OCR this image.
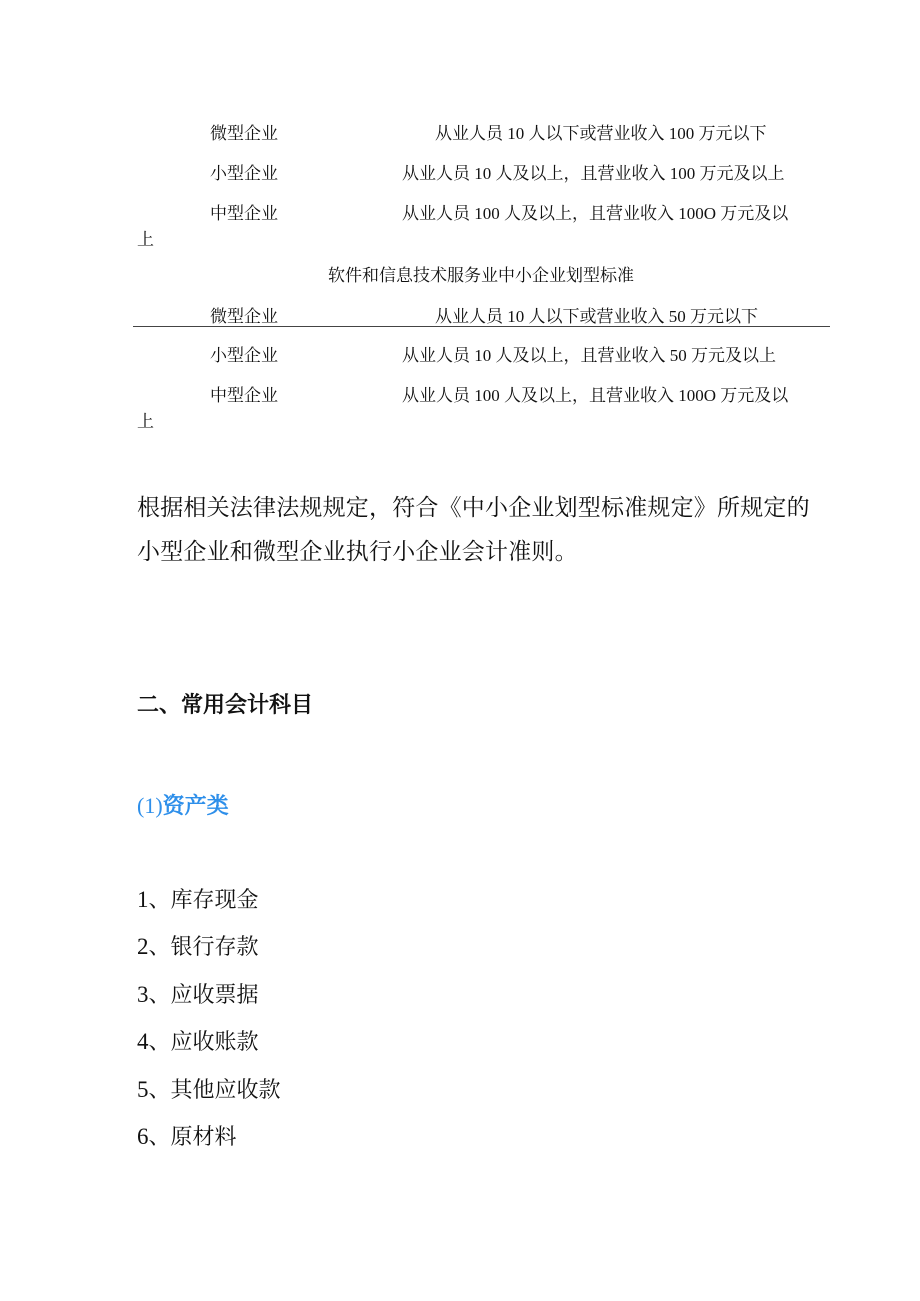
微型企业	从业人员 10 人以下或营业收入 100 万元以下
小型企业	从业人员 10 人及以上，且营业收入 100 万元及以上
中型企业	从业人员 100 人及以上，且营业收入 100O 万元及以
上
软件和信息技术服务业中小企业划型标准
微型企业	从业人员 10 人以下或营业收入 50 万元以下
小型企业	从业人员 10 人及以上，且营业收入 50 万元及以上
中型企业	从业人员 100 人及以上，且营业收入 100O 万元及以
上
根据相关法律法规规定，符合《中小企业划型标准规定》所规定的
小型企业和微型企业执行小企业会计准则。
二、常用会计科目
(1)资产类
1、库存现金
2、银行存款
3、应收票据
4、应收账款
5、其他应收款
6、原材料
